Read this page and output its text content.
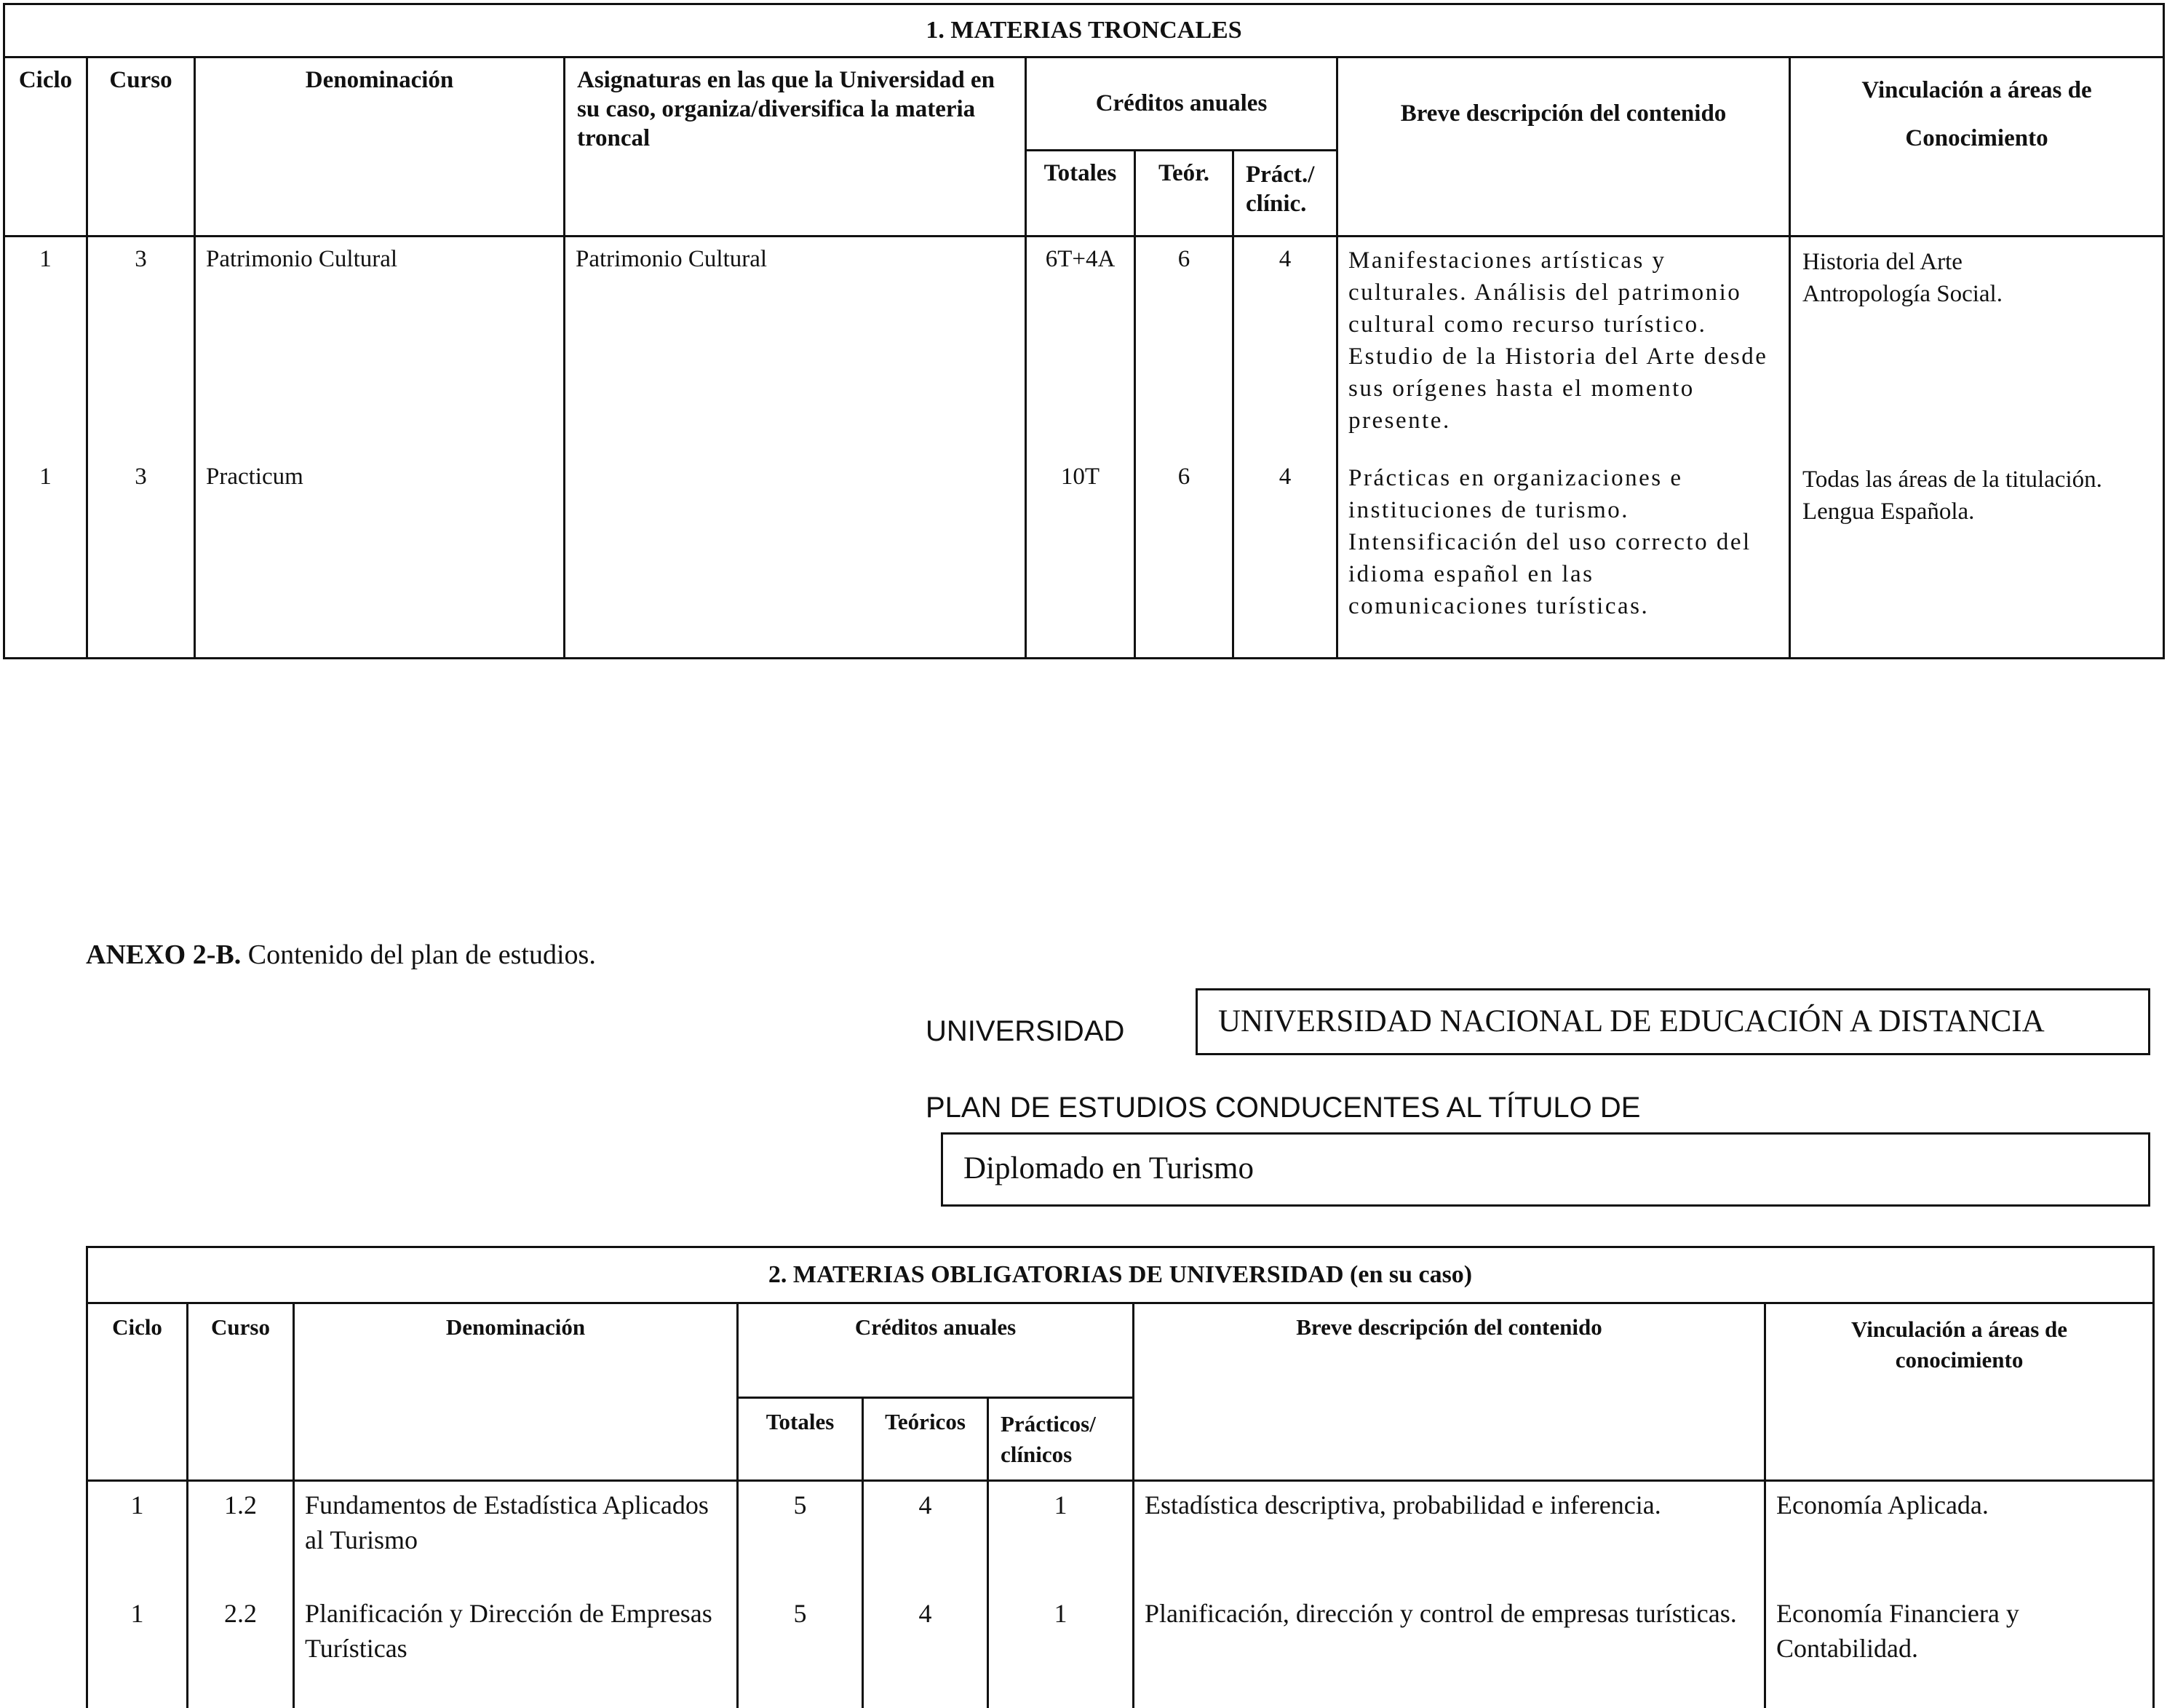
1. MATERIAS TRONCALES								
Ciclo	Curso	Denominación	Asignaturas en las que la Universidad en su caso, organiza/diversifica la materia troncal	Créditos anuales			Breve descripción del contenido	Vinculación a áreas de Conocimiento
				Totales	Teór.	Práct./ clínic.		
1	3	Patrimonio Cultural	Patrimonio Cultural	6T+4A	6	4	Manifestaciones artísticas y culturales. Análisis del patrimonio cultural como recurso turístico. Estudio de la Historia del Arte desde sus orígenes hasta el momento presente.	Historia del Arte
Antropología Social.

1	3	Practicum		10T	6	4	Prácticas en organizaciones e instituciones de turismo. Intensificación del uso correcto del idioma español en las comunicaciones turísticas.	Todas las áreas de la titulación.
Lengua Española.
ANEXO 2-B. Contenido del plan de estudios.
UNIVERSIDAD	UNIVERSIDAD NACIONAL DE EDUCACIÓN A DISTANCIA
PLAN DE ESTUDIOS CONDUCENTES AL TÍTULO DE
Diplomado en Turismo
2. MATERIAS OBLIGATORIAS DE UNIVERSIDAD (en su caso)							
Ciclo	Curso	Denominación	Créditos anuales			Breve descripción del contenido	Vinculación a áreas de conocimiento
			Totales	Teóricos	Prácticos/ clínicos		
1	1.2	Fundamentos de Estadística Aplicados al Turismo	5	4	1	Estadística descriptiva, probabilidad e inferencia.	Economía Aplicada.
1	2.2	Planificación y Dirección de Empresas Turísticas	5	4	1	Planificación, dirección y control de empresas turísticas.	Economía Financiera y Contabilidad.
